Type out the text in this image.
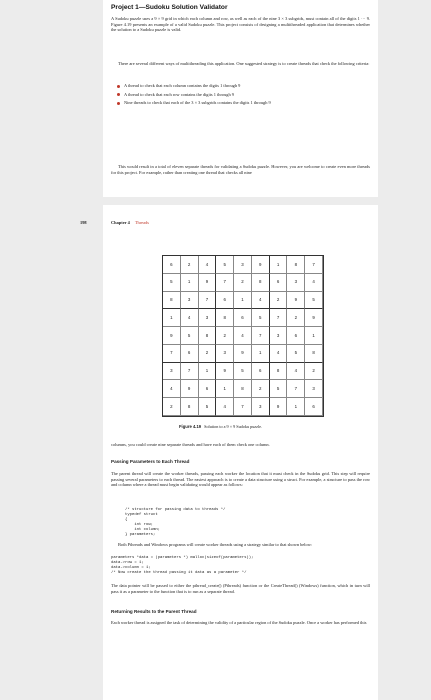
Project 1—Sudoku Solution Validator

A Sudoku puzzle uses a 9 × 9 grid in which each column and row, as well as each of the nine 3 × 3 subgrids, must contain all of the digits 1 ··· 9. Figure 4.19 presents an example of a valid Sudoku puzzle. This project consists of designing a multithreaded application that determines whether the solution to a Sudoku puzzle is valid.

There are several different ways of multithreading this application. One suggested strategy is to create threads that check the following criteria:

A thread to check that each column contains the digits 1 through 9
A thread to check that each row contains the digits 1 through 9
Nine threads to check that each of the 3 × 3 subgrids contains the digits 1 through 9

This would result in a total of eleven separate threads for validating a Sudoku puzzle. However, you are welcome to create even more threads for this project. For example, rather than creating one thread that checks all nine

198	Chapter 4 Threads
6	2	4	5	3	9	1	8	7
5	1	9	7	2	8	6	3	4
8	3	7	6	1	4	2	9	5
1	4	3	8	6	5	7	2	9
9	5	8	2	4	7	3	6	1
7	6	2	3	9	1	4	5	8
3	7	1	9	5	6	8	4	2
4	9	6	1	8	2	5	7	3
2	8	5	4	7	3	9	1	6
Figure 4.19 Solution to a 9 × 9 Sudoku puzzle.

columns, you could create nine separate threads and have each of them check one column.

Passing Parameters to Each Thread

The parent thread will create the worker threads, passing each worker the location that it must check in the Sudoku grid. This step will require passing several parameters to each thread. The easiest approach is to create a data structure using a struct. For example, a structure to pass the row and column where a thread must begin validating would appear as follows:

/* structure for passing data to threads */
typedef struct
{
int row;
int column;
} parameters;

Both Pthreads and Windows programs will create worker threads using a strategy similar to that shown below:

parameters *data = (parameters *) malloc(sizeof(parameters));
data->row = 1;
data->column = 1;
/* Now create the thread passing it data as a parameter */

The data pointer will be passed to either the pthread_create() (Pthreads) function or the CreateThread() (Windows) function, which in turn will pass it as a parameter to the function that is to run as a separate thread.

Returning Results to the Parent Thread

Each worker thread is assigned the task of determining the validity of a particular region of the Sudoku puzzle. Once a worker has performed this
